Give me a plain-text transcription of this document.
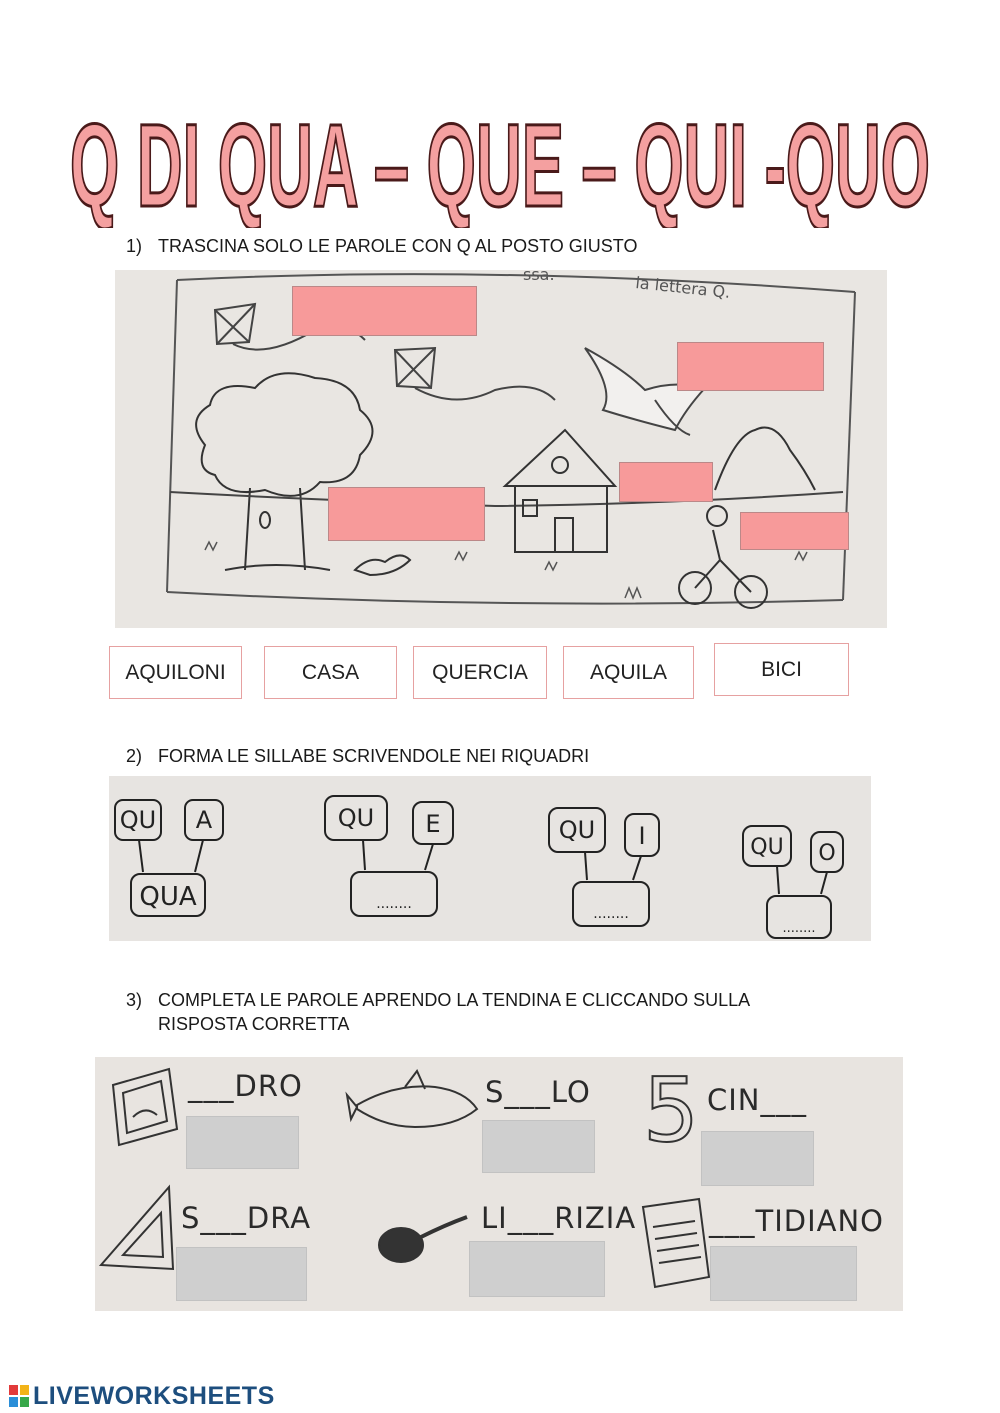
Q DI QUA – QUE – QUI -QUO
1) TRASCINA SOLO LE PAROLE CON Q AL POSTO GIUSTO
ssa.	la lettera Q.
AQUILONI	CASA	QUERCIA	AQUILA	BICI
2) FORMA LE SILLABE SCRIVENDOLE NEI RIQUADRI
QU A
QUA
QU E
........
QU I
........
QU O
........
3) COMPLETA LE PAROLE APRENDO LA TENDINA E CLICCANDO SULLA
RISPOSTA CORRETTA
5
___DRO	S___LO	CIN___
S___DRA	LI___RIZIA	___TIDIANO
LIVEWORKSHEETS
